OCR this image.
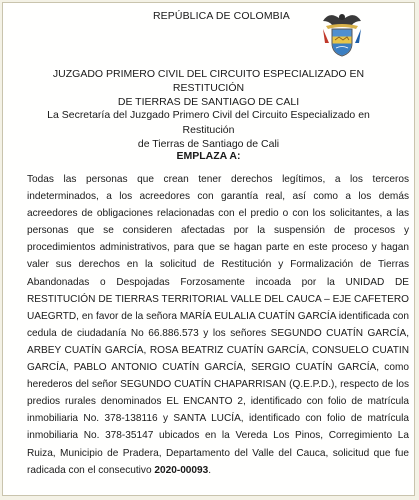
REPÚBLICA DE COLOMBIA
JUZGADO PRIMERO CIVIL DEL CIRCUITO ESPECIALIZADO EN RESTITUCIÓN
DE TIERRAS DE SANTIAGO DE CALI
La Secretaría del Juzgado Primero Civil del Circuito Especializado en Restitución
de Tierras de Santiago de Cali
EMPLAZA A:
Todas las personas que crean tener derechos legítimos, a los terceros indeterminados, a los acreedores con garantía real, así como a los demás acreedores de obligaciones relacionadas con el predio o con los solicitantes, a las personas que se consideren afectadas por la suspensión de procesos y procedimientos administrativos, para que se hagan parte en este proceso y hagan valer sus derechos en la solicitud de Restitución y Formalización de Tierras Abandonadas o Despojadas Forzosamente incoada por la UNIDAD DE RESTITUCIÓN DE TIERRAS TERRITORIAL VALLE DEL CAUCA – EJE CAFETERO UAEGRTD, en favor de la señora MARÍA EULALIA CUATÍN GARCÍA identificada con cedula de ciudadanía No 66.886.573 y los señores SEGUNDO CUATÍN GARCÍA, ARBEY CUATÍN GARCÍA, ROSA BEATRIZ CUATÍN GARCÍA, CONSUELO CUATIN GARCÍA, PABLO ANTONIO CUATÍN GARCÍA, SERGIO CUATÍN GARCÍA, como herederos del señor SEGUNDO CUATÍN CHAPARRISAN (Q.E.P.D.), respecto de los predios rurales denominados EL ENCANTO 2, identificado con folio de matrícula inmobiliaria No. 378-138116 y SANTA LUCÍA, identificado con folio de matrícula inmobiliaria No. 378-35147 ubicados en la Vereda Los Pinos, Corregimiento La Ruiza, Municipio de Pradera, Departamento del Valle del Cauca, solicitud que fue radicada con el consecutivo 2020-00093.
